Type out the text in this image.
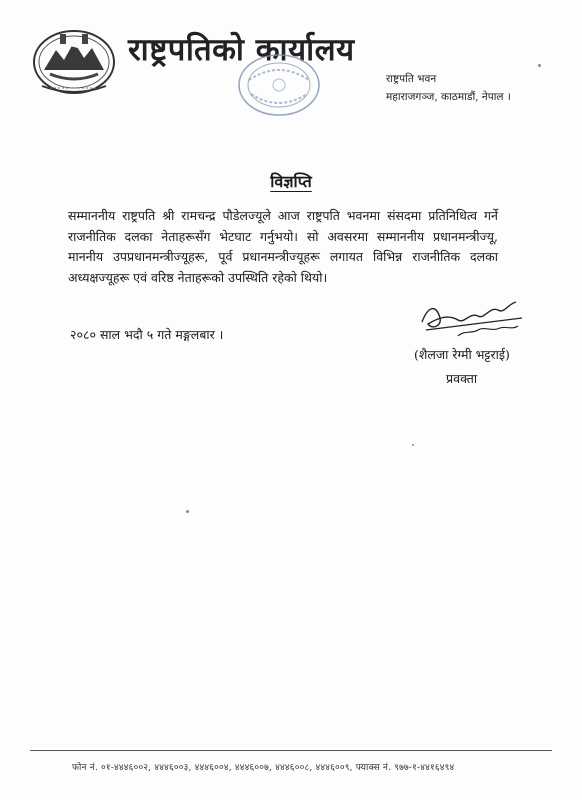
राष्ट्रपतिको कार्यालय
राष्ट्रपति भवन
महाराजगञ्ज, काठमाडौं, नेपाल ।
विज्ञप्ति

सम्माननीय राष्ट्रपति श्री रामचन्द्र पौडेलज्यूले आज राष्ट्रपति भवनमा संसदमा प्रतिनिधित्व गर्ने राजनीतिक दलका नेताहरूसँग भेटघाट गर्नुभयो। सो अवसरमा सम्माननीय प्रधानमन्त्रीज्यू, माननीय उपप्रधानमन्त्रीज्यूहरू, पूर्व प्रधानमन्त्रीज्यूहरू लगायत विभिन्न राजनीतिक दलका अध्यक्षज्यूहरू एवं वरिष्ठ नेताहरूको उपस्थिति रहेको थियो।

२०८० साल भदौ ५ गते मङ्गलबार ।
(शैलजा रेग्मी भट्टराई)
प्रवक्ता
फोन नं. ०१-४४४६००२, ४४४६००३, ४४४६००४, ४४४६००७, ४४४६००८, ४४४६००९, फ्याक्स नं. ९७७-१-४४१६४९४
